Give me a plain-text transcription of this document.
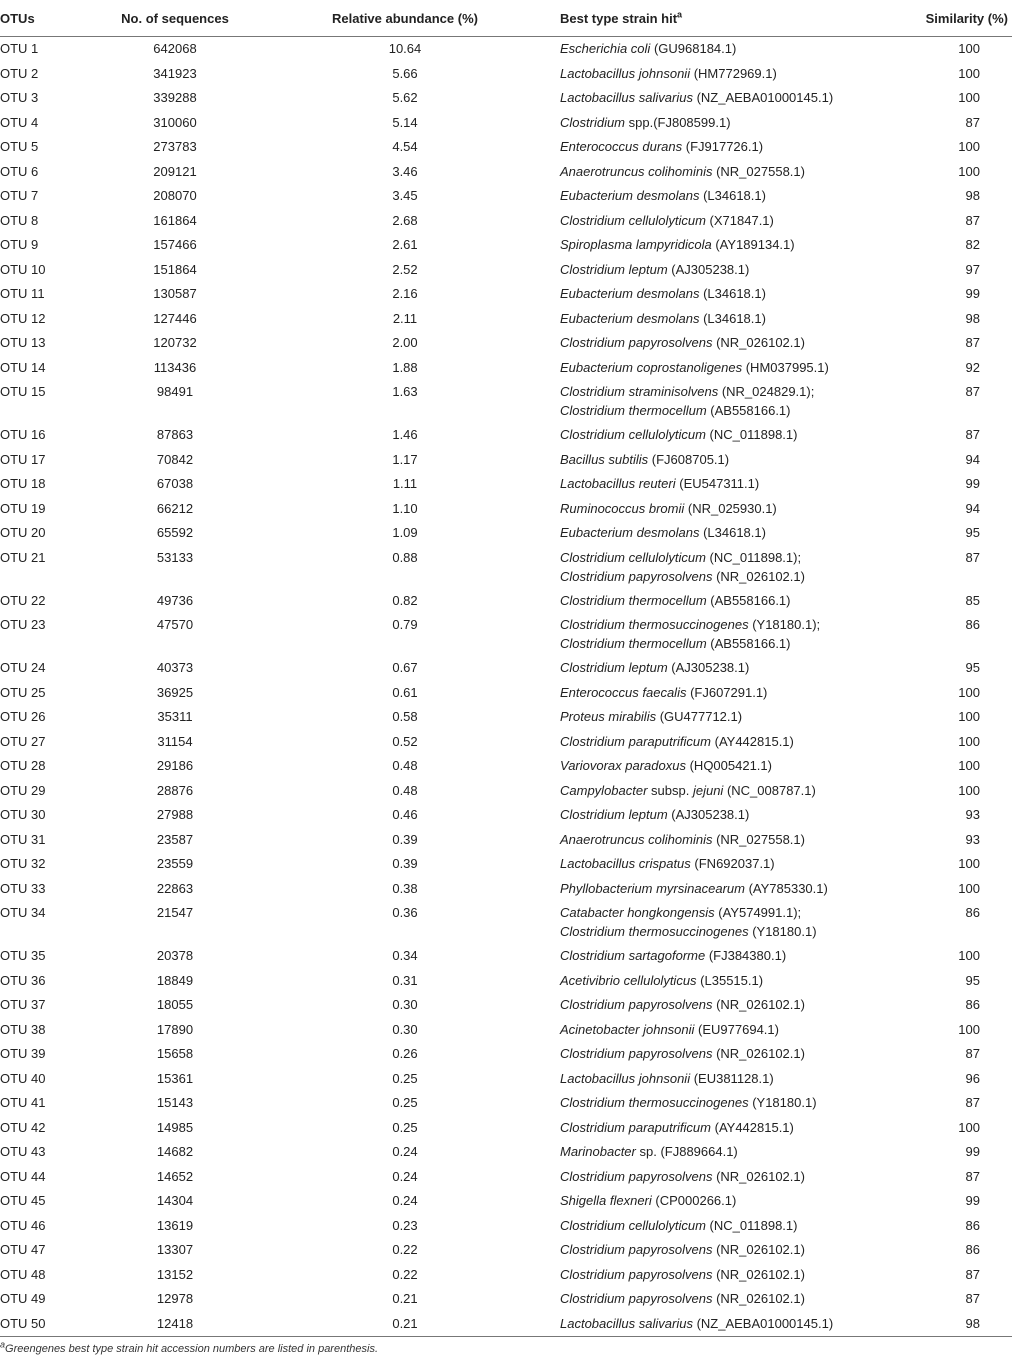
OTUs	No. of sequences	Relative abundance (%)	Best type strain hit$^a$	Similarity (%)
OTU 1	642068	10.64	Escherichia coli (GU968184.1)	100
OTU 2	341923	5.66	Lactobacillus johnsonii (HM772969.1)	100
OTU 3	339288	5.62	Lactobacillus salivarius (NZ_AEBA01000145.1)	100
OTU 4	310060	5.14	Clostridium spp.(FJ808599.1)	87
OTU 5	273783	4.54	Enterococcus durans (FJ917726.1)	100
OTU 6	209121	3.46	Anaerotruncus colihominis (NR_027558.1)	100
OTU 7	208070	3.45	Eubacterium desmolans (L34618.1)	98
OTU 8	161864	2.68	Clostridium cellulolyticum (X71847.1)	87
OTU 9	157466	2.61	Spiroplasma lampyridicola (AY189134.1)	82
OTU 10	151864	2.52	Clostridium leptum (AJ305238.1)	97
OTU 11	130587	2.16	Eubacterium desmolans (L34618.1)	99
OTU 12	127446	2.11	Eubacterium desmolans (L34618.1)	98
OTU 13	120732	2.00	Clostridium papyrosolvens (NR_026102.1)	87
OTU 14	113436	1.88	Eubacterium coprostanoligenes (HM037995.1)	92
OTU 15	98491	1.63	Clostridium straminisolvens (NR_024829.1);
Clostridium thermocellum (AB558166.1)	87
OTU 16	87863	1.46	Clostridium cellulolyticum (NC_011898.1)	87
OTU 17	70842	1.17	Bacillus subtilis (FJ608705.1)	94
OTU 18	67038	1.11	Lactobacillus reuteri (EU547311.1)	99
OTU 19	66212	1.10	Ruminococcus bromii (NR_025930.1)	94
OTU 20	65592	1.09	Eubacterium desmolans (L34618.1)	95
OTU 21	53133	0.88	Clostridium cellulolyticum (NC_011898.1);
Clostridium papyrosolvens (NR_026102.1)	87
OTU 22	49736	0.82	Clostridium thermocellum (AB558166.1)	85
OTU 23	47570	0.79	Clostridium thermosuccinogenes (Y18180.1);
Clostridium thermocellum (AB558166.1)	86
OTU 24	40373	0.67	Clostridium leptum (AJ305238.1)	95
OTU 25	36925	0.61	Enterococcus faecalis (FJ607291.1)	100
OTU 26	35311	0.58	Proteus mirabilis (GU477712.1)	100
OTU 27	31154	0.52	Clostridium paraputrificum (AY442815.1)	100
OTU 28	29186	0.48	Variovorax paradoxus (HQ005421.1)	100
OTU 29	28876	0.48	Campylobacter subsp. jejuni (NC_008787.1)	100
OTU 30	27988	0.46	Clostridium leptum (AJ305238.1)	93
OTU 31	23587	0.39	Anaerotruncus colihominis (NR_027558.1)	93
OTU 32	23559	0.39	Lactobacillus crispatus (FN692037.1)	100
OTU 33	22863	0.38	Phyllobacterium myrsinacearum (AY785330.1)	100
OTU 34	21547	0.36	Catabacter hongkongensis (AY574991.1);
Clostridium thermosuccinogenes (Y18180.1)	86
OTU 35	20378	0.34	Clostridium sartagoforme (FJ384380.1)	100
OTU 36	18849	0.31	Acetivibrio cellulolyticus (L35515.1)	95
OTU 37	18055	0.30	Clostridium papyrosolvens (NR_026102.1)	86
OTU 38	17890	0.30	Acinetobacter johnsonii (EU977694.1)	100
OTU 39	15658	0.26	Clostridium papyrosolvens (NR_026102.1)	87
OTU 40	15361	0.25	Lactobacillus johnsonii (EU381128.1)	96
OTU 41	15143	0.25	Clostridium thermosuccinogenes (Y18180.1)	87
OTU 42	14985	0.25	Clostridium paraputrificum (AY442815.1)	100
OTU 43	14682	0.24	Marinobacter sp. (FJ889664.1)	99
OTU 44	14652	0.24	Clostridium papyrosolvens (NR_026102.1)	87
OTU 45	14304	0.24	Shigella flexneri (CP000266.1)	99
OTU 46	13619	0.23	Clostridium cellulolyticum (NC_011898.1)	86
OTU 47	13307	0.22	Clostridium papyrosolvens (NR_026102.1)	86
OTU 48	13152	0.22	Clostridium papyrosolvens (NR_026102.1)	87
OTU 49	12978	0.21	Clostridium papyrosolvens (NR_026102.1)	87
OTU 50	12418	0.21	Lactobacillus salivarius (NZ_AEBA01000145.1)	98
$^a$Greengenes best type strain hit accession numbers are listed in parenthesis.
